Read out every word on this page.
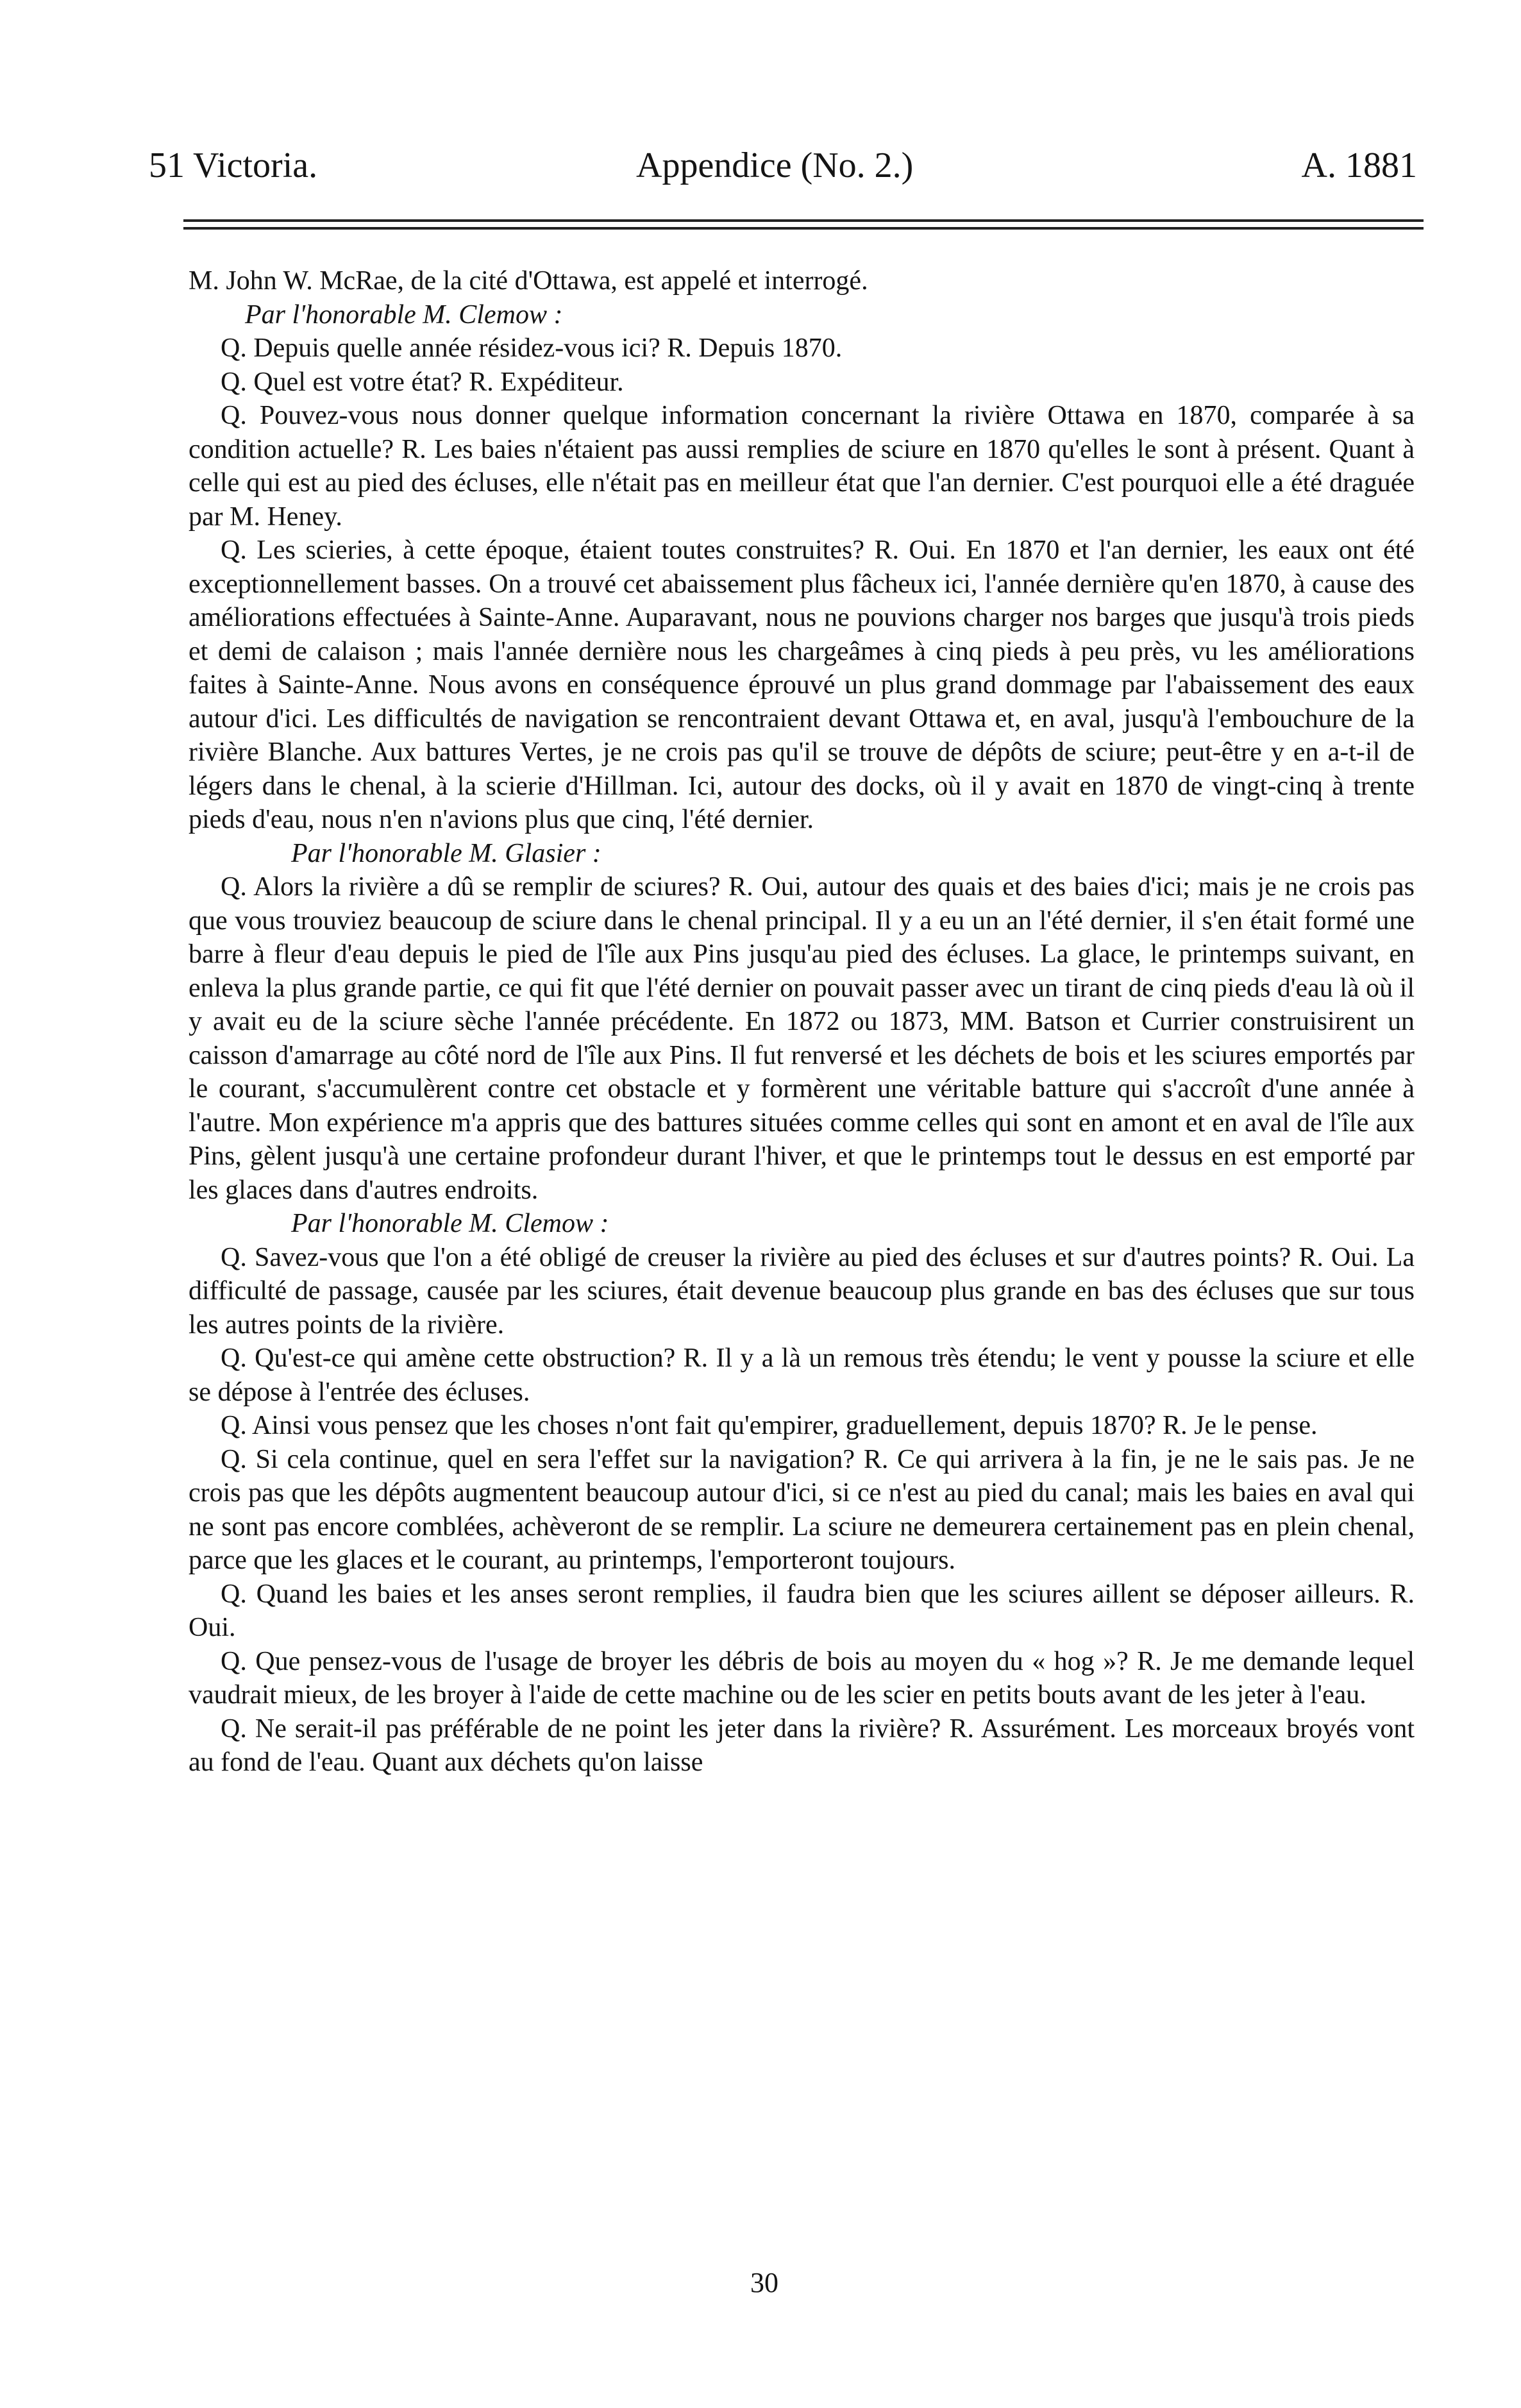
51 Victoria.	Appendice (No. 2.)	A. 1881

M. John W. McRae, de la cité d'Ottawa, est appelé et interrogé.

Par l'honorable M. Clemow :

Q. Depuis quelle année résidez-vous ici? R. Depuis 1870.

Q. Quel est votre état? R. Expéditeur.

Q. Pouvez-vous nous donner quelque information concernant la rivière Ottawa en 1870, comparée à sa condition actuelle? R. Les baies n'étaient pas aussi remplies de sciure en 1870 qu'elles le sont à présent. Quant à celle qui est au pied des écluses, elle n'était pas en meilleur état que l'an dernier. C'est pourquoi elle a été draguée par M. Heney.

Q. Les scieries, à cette époque, étaient toutes construites? R. Oui. En 1870 et l'an dernier, les eaux ont été exceptionnellement basses. On a trouvé cet abaissement plus fâcheux ici, l'année dernière qu'en 1870, à cause des améliorations effectuées à Sainte-Anne. Auparavant, nous ne pouvions charger nos barges que jusqu'à trois pieds et demi de calaison ; mais l'année dernière nous les chargeâmes à cinq pieds à peu près, vu les améliorations faites à Sainte-Anne. Nous avons en conséquence éprouvé un plus grand dommage par l'abaissement des eaux autour d'ici. Les difficultés de navigation se rencontraient devant Ottawa et, en aval, jusqu'à l'embouchure de la rivière Blanche. Aux battures Vertes, je ne crois pas qu'il se trouve de dépôts de sciure; peut-être y en a-t-il de légers dans le chenal, à la scierie d'Hillman. Ici, autour des docks, où il y avait en 1870 de vingt-cinq à trente pieds d'eau, nous n'en n'avions plus que cinq, l'été dernier.

Par l'honorable M. Glasier :

Q. Alors la rivière a dû se remplir de sciures? R. Oui, autour des quais et des baies d'ici; mais je ne crois pas que vous trouviez beaucoup de sciure dans le chenal principal. Il y a eu un an l'été dernier, il s'en était formé une barre à fleur d'eau depuis le pied de l'île aux Pins jusqu'au pied des écluses. La glace, le printemps suivant, en enleva la plus grande partie, ce qui fit que l'été dernier on pouvait passer avec un tirant de cinq pieds d'eau là où il y avait eu de la sciure sèche l'année précédente. En 1872 ou 1873, MM. Batson et Currier construisirent un caisson d'amarrage au côté nord de l'île aux Pins. Il fut renversé et les déchets de bois et les sciures emportés par le courant, s'accumulèrent contre cet obstacle et y formèrent une véritable batture qui s'accroît d'une année à l'autre. Mon expérience m'a appris que des battures situées comme celles qui sont en amont et en aval de l'île aux Pins, gèlent jusqu'à une certaine profondeur durant l'hiver, et que le printemps tout le dessus en est emporté par les glaces dans d'autres endroits.

Par l'honorable M. Clemow :

Q. Savez-vous que l'on a été obligé de creuser la rivière au pied des écluses et sur d'autres points? R. Oui. La difficulté de passage, causée par les sciures, était devenue beaucoup plus grande en bas des écluses que sur tous les autres points de la rivière.

Q. Qu'est-ce qui amène cette obstruction? R. Il y a là un remous très étendu; le vent y pousse la sciure et elle se dépose à l'entrée des écluses.

Q. Ainsi vous pensez que les choses n'ont fait qu'empirer, graduellement, depuis 1870? R. Je le pense.

Q. Si cela continue, quel en sera l'effet sur la navigation? R. Ce qui arrivera à la fin, je ne le sais pas. Je ne crois pas que les dépôts augmentent beaucoup autour d'ici, si ce n'est au pied du canal; mais les baies en aval qui ne sont pas encore comblées, achèveront de se remplir. La sciure ne demeurera certainement pas en plein chenal, parce que les glaces et le courant, au printemps, l'emporteront toujours.

Q. Quand les baies et les anses seront remplies, il faudra bien que les sciures aillent se déposer ailleurs. R. Oui.

Q. Que pensez-vous de l'usage de broyer les débris de bois au moyen du « hog »? R. Je me demande lequel vaudrait mieux, de les broyer à l'aide de cette machine ou de les scier en petits bouts avant de les jeter à l'eau.

Q. Ne serait-il pas préférable de ne point les jeter dans la rivière? R. Assurément. Les morceaux broyés vont au fond de l'eau. Quant aux déchets qu'on laisse

30
